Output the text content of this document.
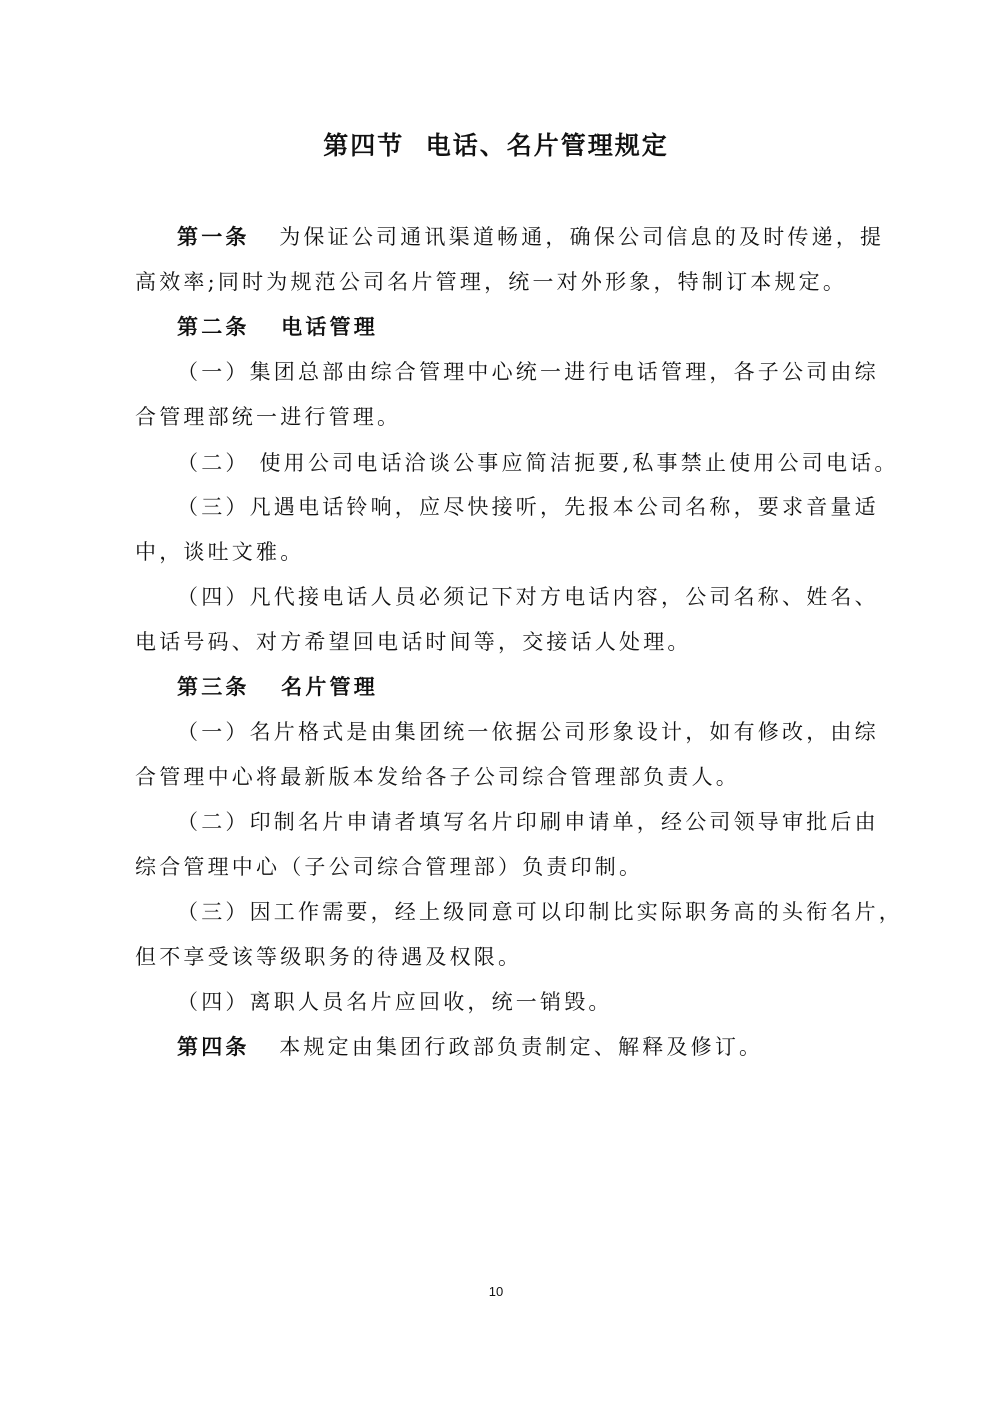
第四节  电话、名片管理规定
第一条   为保证公司通讯渠道畅通，确保公司信息的及时传递，提
高效率;同时为规范公司名片管理，统一对外形象，特制订本规定。
第二条   电话管理
（一）集团总部由综合管理中心统一进行电话管理，各子公司由综
合管理部统一进行管理。
（二） 使用公司电话洽谈公事应简洁扼要,私事禁止使用公司电话。
（三）凡遇电话铃响，应尽快接听，先报本公司名称，要求音量适
中，谈吐文雅。
（四）凡代接电话人员必须记下对方电话内容，公司名称、姓名、
电话号码、对方希望回电话时间等，交接话人处理。
第三条   名片管理
（一）名片格式是由集团统一依据公司形象设计，如有修改，由综
合管理中心将最新版本发给各子公司综合管理部负责人。
（二）印制名片申请者填写名片印刷申请单，经公司领导审批后由
综合管理中心（子公司综合管理部）负责印制。
（三）因工作需要，经上级同意可以印制比实际职务高的头衔名片，
但不享受该等级职务的待遇及权限。
（四）离职人员名片应回收，统一销毁。
第四条   本规定由集团行政部负责制定、解释及修订。
10
